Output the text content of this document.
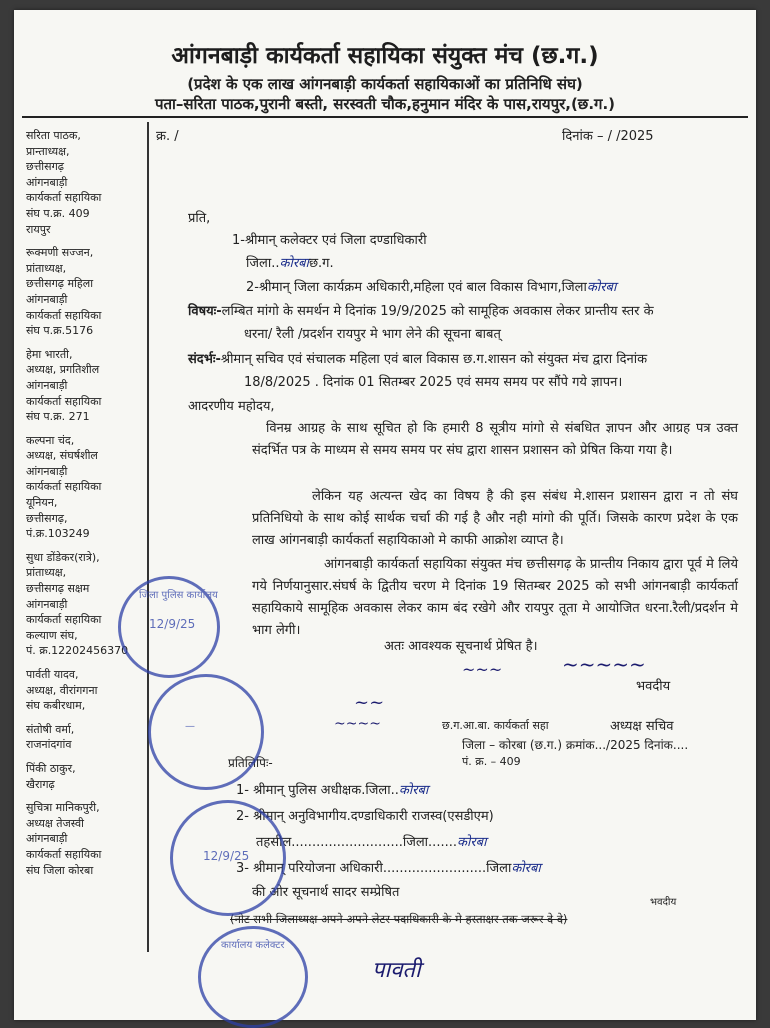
आंगनबाड़ी कार्यकर्ता सहायिका संयुक्त मंच (छ.ग.)
(प्रदेश के एक लाख आंगनबाड़ी कार्यकर्ता सहायिकाओं का प्रतिनिधि संघ)
पता–सरिता पाठक,पुरानी बस्ती, सरस्वती चौक,हनुमान मंदिर के पास,रायपुर,(छ.ग.)
सरिता पाठक,
प्रान्ताध्यक्ष,
छत्तीसगढ़
आंगनबाड़ी
कार्यकर्ता सहायिका
संघ प.क्र. 409
रायपुर
रूक्मणी सज्जन,
प्रांताध्यक्ष,
छत्तीसगढ़ महिला
आंगनबाड़ी
कार्यकर्ता सहायिका
संघ प.क्र.5176
हेमा भारती,
अध्यक्ष, प्रगतिशील
आंगनबाड़ी
कार्यकर्ता सहायिका
संघ प.क्र. 271
कल्पना चंद,
अध्यक्ष, संघर्षशील
आंगनबाड़ी
कार्यकर्ता सहायिका
यूनियन,
छत्तीसगढ़,
पं.क्र.103249
सुधा डोंडेकर(रात्रे),
प्रांताध्यक्ष,
छत्तीसगढ़ सक्षम
आंगनबाड़ी
कार्यकर्ता सहायिका
कल्याण संघ,
पं. क्र.12202456370
पार्वती यादव,
अध्यक्ष, वीरांगगना
संघ कबीरधाम,
संतोषी वर्मा,
राजनांदगांव
पिंकी ठाकुर,
खैरागढ़
सुचित्रा मानिकपुरी,
अध्यक्ष तेजस्वी
आंगनबाड़ी
कार्यकर्ता सहायिका
संघ जिला कोरबा
क्र. /	दिनांक – / /2025
प्रति,
1-श्रीमान् कलेक्टर एवं जिला दण्डाधिकारी
जिला..कोरबाछ.ग.
2-श्रीमान् जिला कार्यक्रम अधिकारी,महिला एवं बाल विकास विभाग,जिलाकोरबा
विषयः-लम्बित मांगो के समर्थन मे दिनांक 19/9/2025 को सामूहिक अवकास लेकर प्रान्तीय स्तर के
धरना/ रैली /प्रदर्शन रायपुर मे भाग लेने की सूचना बाबत्
संदर्भः-श्रीमान् सचिव एवं संचालक महिला एवं बाल विकास छ.ग.शासन को संयुक्त मंच द्वारा दिनांक
18/8/2025 . दिनांक 01 सितम्बर 2025 एवं समय समय पर सौंपे गये ज्ञापन।
आदरणीय महोदय,
विनम्र आग्रह के साथ सूचित हो कि हमारी 8 सूत्रीय मांगो से संबधित ज्ञापन और आग्रह पत्र उक्त संदर्भित पत्र के माध्यम से समय समय पर संघ द्वारा शासन प्रशासन को प्रेषित किया गया है।
लेकिन यह अत्यन्त खेद का विषय है की इस संबंध मे.शासन प्रशासन द्वारा न तो संघ प्रतिनिधियो के साथ कोई सार्थक चर्चा की गई है और नही मांगो की पूर्ति। जिसके कारण प्रदेश के एक लाख आंगनबाड़ी कार्यकर्ता सहायिकाओ मे काफी आक्रोश व्याप्त है।
आंगनबाड़ी कार्यकर्ता सहायिका संयुक्त मंच छत्तीसगढ़ के प्रान्तीय निकाय द्वारा पूर्व मे लिये गये निर्णयानुसार.संघर्ष के द्वितीय चरण मे दिनांक 19 सितम्बर 2025 को सभी आंगनबाड़ी कार्यकर्ता सहायिकाये सामूहिक अवकास लेकर काम बंद रखेगे और रायपुर तूता मे आयोजित धरना.रैली/प्रदर्शन मे भाग लेगी।
अतः आवश्यक सूचनार्थ प्रेषित है।
~~~	~~~~~
भवदीय
~~
~~~~	छ.ग.आ.बा. कार्यकर्ता सहा	अध्यक्ष सचिव
जिला – कोरबा (छ.ग.) क्रमांक.../2025 दिनांक....
पं. क्र. – 409
प्रतिलिपिः-
1- श्रीमान् पुलिस अधीक्षक.जिला..कोरबा
2- श्रीमान् अनुविभागीय.दण्डाधिकारी राजस्व(एसडीएम)
तहसील...........................जिला.......कोरबा
3- श्रीमान् परियोजना अधिकारी.........................जिलाकोरबा
की ओर सूचनार्थ सादर सम्प्रेषित
भवदीय
(नोट सभी जिलाध्यक्ष अपने अपने लेटर पदाधिकारी के मे हस्ताक्षर तक जरूर दे दे)
पावती
जिला पुलिस कार्यालय
12/9/25
—
12/9/25
कार्यालय कलेक्टर
